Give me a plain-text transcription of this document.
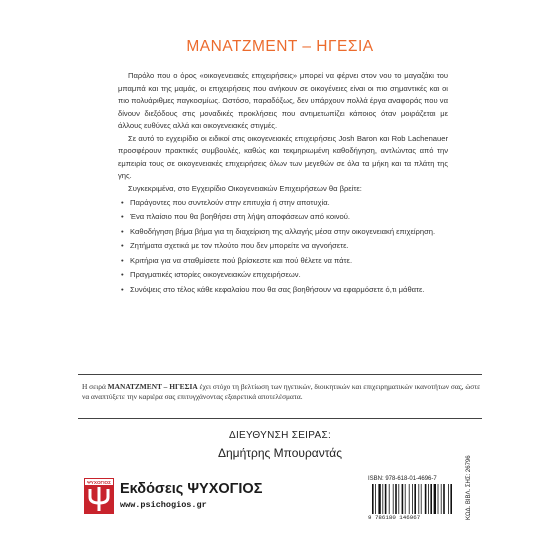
ΜΑΝΑΤΖΜΕΝΤ – ΗΓΕΣΙΑ

Παρόλο που ο όρος «οικογενειακές επιχειρήσεις» μπορεί να φέρνει στον νου το μαγαζάκι του μπαμπά και της μαμάς, οι επιχειρήσεις που ανήκουν σε οικογένειες είναι οι πιο σημαντικές και οι πιο πολυάριθμες παγκοσμίως. Ωστόσο, παραδόξως, δεν υπάρχουν πολλά έργα αναφοράς που να δίνουν διεξόδους στις μοναδικές προκλήσεις που αντιμετωπίζει κάποιος όταν μοιράζεται με άλλους ευθύνες αλλά και οικογενειακές στιγμές.

Σε αυτό το εγχειρίδιο οι ειδικοί στις οικογενειακές επιχειρήσεις Josh Baron και Rob Lachenauer προσφέρουν πρακτικές συμβουλές, καθώς και τεκμηριωμένη καθοδήγηση, αντλώντας από την εμπειρία τους σε οικογενειακές επιχειρήσεις όλων των μεγεθών σε όλα τα μήκη και τα πλάτη της γης.

Συγκεκριμένα, στο Εγχειρίδιο Οικογενειακών Επιχειρήσεων θα βρείτε:

• Παράγοντες που συντελούν στην επιτυχία ή στην αποτυχία.
• Ένα πλαίσιο που θα βοηθήσει στη λήψη αποφάσεων από κοινού.
• Καθοδήγηση βήμα βήμα για τη διαχείριση της αλλαγής μέσα στην οικογενειακή επιχείρηση.
• Ζητήματα σχετικά με τον πλούτο που δεν μπορείτε να αγνοήσετε.
• Κριτήρια για να σταθμίσετε πού βρίσκεστε και πού θέλετε να πάτε.
• Πραγματικές ιστορίες οικογενειακών επιχειρήσεων.
• Συνόψεις στο τέλος κάθε κεφαλαίου που θα σας βοηθήσουν να εφαρμόσετε ό,τι μάθατε.
Η σειρά ΜΑΝΑΤΖΜΕΝΤ – ΗΓΕΣΙΑ έχει στόχο τη βελτίωση των ηγετικών, διοικητικών και επιχειρηματικών ικανοτήτων σας, ώστε να αναπτύξετε την καριέρα σας επιτυγχάνοντας εξαιρετικά αποτελέσματα.
ΔΙΕΥΘΥΝΣΗ ΣΕΙΡΑΣ:
Δημήτρης Μπουραντάς
ΨΥΧΟΓΙΟΣ Εκδόσεις ΨΥΧΟΓΙΟΣ
www.psichogios.gr
ISBN: 978-618-01-4696-7
9 786180 146967	ΚΩΔ. ΒΙΒΛ. ΣΗΣ: 26796
